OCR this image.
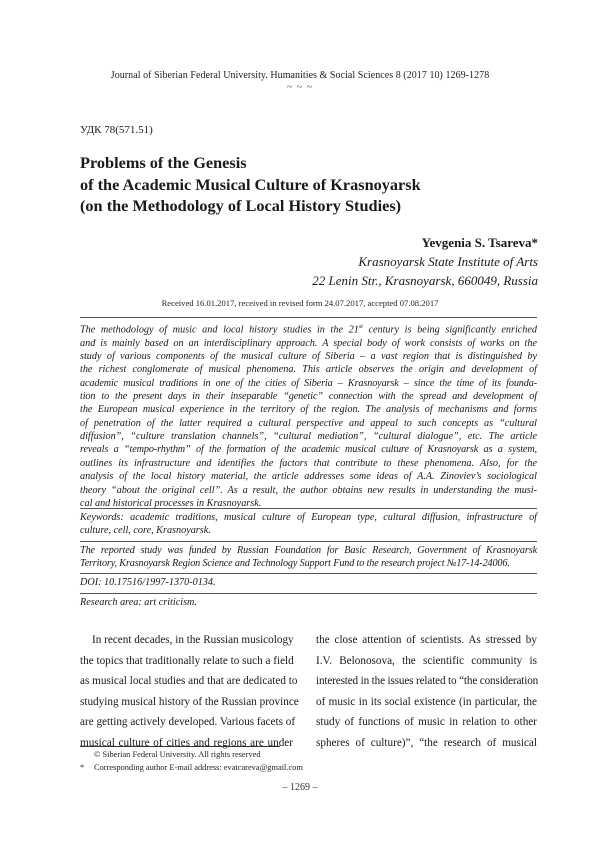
Journal of Siberian Federal University. Humanities & Social Sciences 8 (2017 10) 1269-1278
~ ~ ~
УДК 78(571.51)
Problems of the Genesis
of the Academic Musical Culture of Krasnoyarsk
(on the Methodology of Local History Studies)
Yevgenia S. Tsareva*
Krasnoyarsk State Institute of Arts
22 Lenin Str., Krasnoyarsk, 660049, Russia
Received 16.01.2017, received in revised form 24.07.2017, accepted 07.08.2017
The methodology of music and local history studies in the 21st century is being significantly enriched
and is mainly based on an interdisciplinary approach. A special body of work consists of works on the
study of various components of the musical culture of Siberia – a vast region that is distinguished by
the richest conglomerate of musical phenomena. This article observes the origin and development of
academic musical traditions in one of the cities of Siberia – Krasnoyarsk – since the time of its founda-
tion to the present days in their inseparable “genetic” connection with the spread and development of
the European musical experience in the territory of the region. The analysis of mechanisms and forms
of penetration of the latter required a cultural perspective and appeal to such concepts as “cultural
diffusion”, “culture translation channels”, “cultural mediation”, “cultural dialogue”, etc. The article
reveals a “tempo-rhythm” of the formation of the academic musical culture of Krasnoyarsk as a system,
outlines its infrastructure and identifies the factors that contribute to these phenomena. Also, for the
analysis of the local history material, the article addresses some ideas of A.A. Zinoviev’s sociological
theory “about the original cell”. As a result, the author obtains new results in understanding the musi-
cal and historical processes in Krasnoyarsk.
Keywords: academic traditions, musical culture of European type, cultural diffusion, infrastructure of
culture, cell, core, Krasnoyarsk.
The reported study was funded by Russian Foundation for Basic Research, Government of Krasnoyarsk
Territory, Krasnoyarsk Region Science and Technology Support Fund to the research project №17-14-24006.
DOI: 10.17516/1997-1370-0134.
Research area: art criticism.
In recent decades, in the Russian musicology
the topics that traditionally relate to such a field
as musical local studies and that are dedicated to
studying musical history of the Russian province
are getting actively developed. Various facets of
musical culture of cities and regions are under
the close attention of scientists. As stressed by
I.V. Belonosova, the scientific community is
interested in the issues related to “the consideration
of music in its social existence (in particular, the
study of functions of music in relation to other
spheres of culture)”, “the research of musical
© Siberian Federal University. All rights reserved
* Corresponding author E-mail address: evatcareva@gmail.com
– 1269 –
